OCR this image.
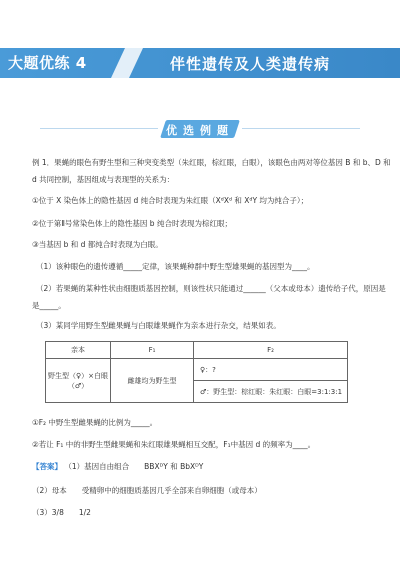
大题优练 4	伴性遗传及人类遗传病
优选例题
例 1．果蝇的眼色有野生型和三种突变类型（朱红眼，棕红眼，白眼），该眼色由两对等位基因 B 和 b、D 和
d 共同控制，基因组成与表现型的关系为：
①位于 X 染色体上的隐性基因 d 纯合时表现为朱红眼（XᵈXᵈ 和 XᵈY 均为纯合子）；
②位于第Ⅱ号常染色体上的隐性基因 b 纯合时表现为棕红眼；
③当基因 b 和 d 都纯合时表现为白眼。
（1）该种眼色的遗传遵循_____定律，该果蝇种群中野生型雄果蝇的基因型为____。
（2）若果蝇的某种性状由细胞质基因控制，则该性状只能通过______（父本或母本）遗传给子代，原因是
是_____。
（3）某同学用野生型雌果蝇与白眼雄果蝇作为亲本进行杂交，结果如表。
亲本	F₁	F₂
野生型（♀）×白眼（♂）	雌雄均为野生型	♀：?
		♂：野生型：棕红眼：朱红眼：白眼=3:1:3:1
①F₂ 中野生型雌果蝇的比例为_____。
②若让 F₁ 中的非野生型雌果蝇和朱红眼雄果蝇相互交配，F₁中基因 d 的频率为____。
【答案】 （1）基因自由组合　　BBXᴰY 和 BbXᴰY
（2）母本　　受精卵中的细胞质基因几乎全部来自卵细胞（或母本）
（3）3/8　　1/2
